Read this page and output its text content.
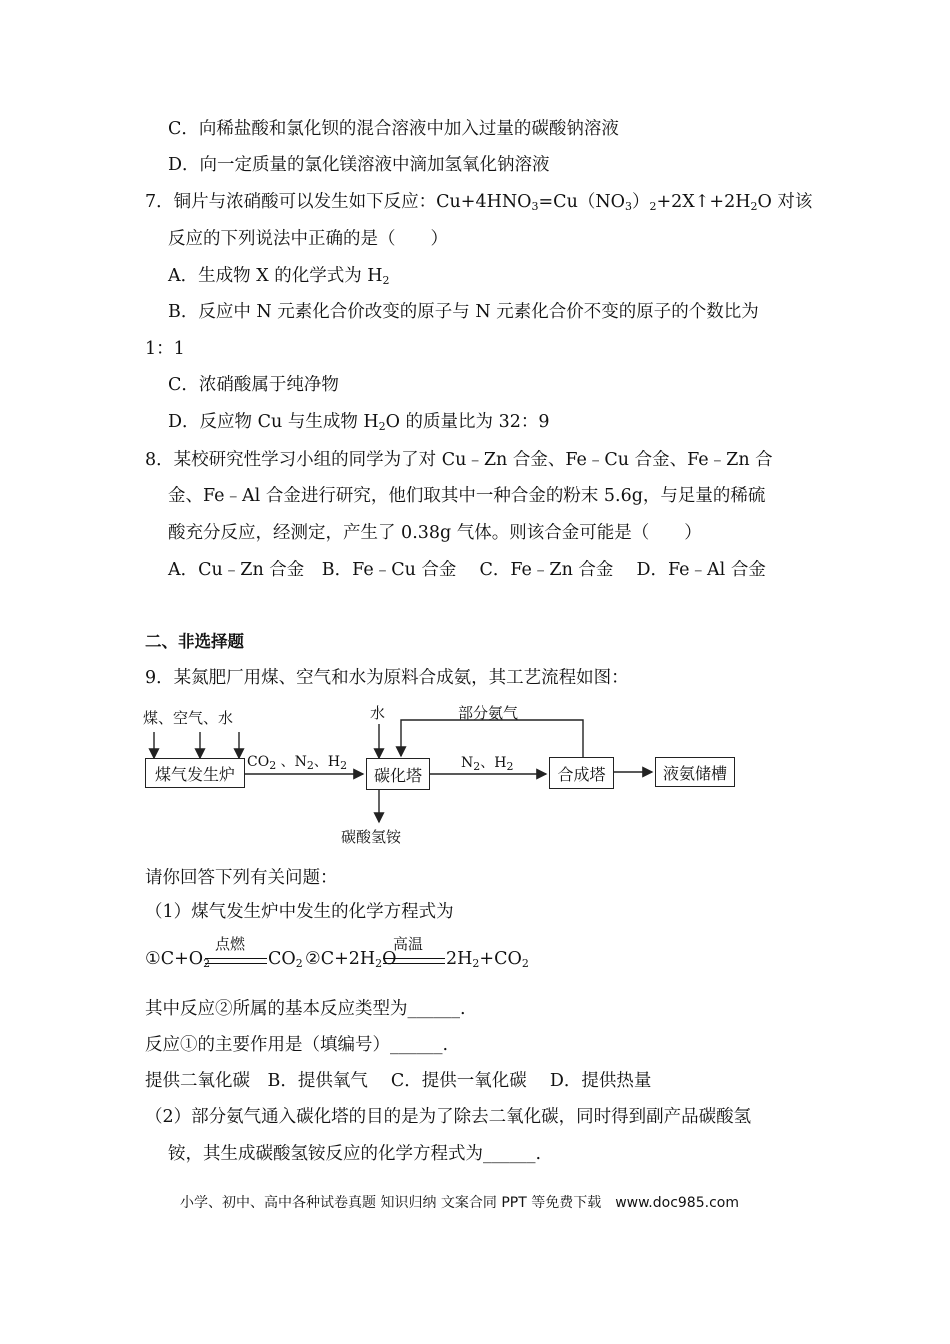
C．向稀盐酸和氯化钡的混合溶液中加入过量的碳酸钠溶液
D．向一定质量的氯化镁溶液中滴加氢氧化钠溶液
7．铜片与浓硝酸可以发生如下反应：$Cu+4HNO_3=Cu(NO_3)_2+2X↑+2H_2O$ 对该
反应的下列说法中正确的是（　　）
A．生成物 X 的化学式为 $H_2$
B．反应中 N 元素化合价改变的原子与 N 元素化合价不变的原子的个数比为
1：1
C．浓硝酸属于纯净物
D．反应物 Cu 与生成物 $H_2O$ 的质量比为 32：9
8．某校研究性学习小组的同学为了对 Cu﹣Zn 合金、Fe﹣Cu 合金、Fe﹣Zn 合
金、Fe﹣Al 合金进行研究，他们取其中一种合金的粉末 5.6g，与足量的稀硫
酸充分反应，经测定，产生了 0.38g 气体。则该合金可能是（　　）
A．Cu﹣Zn 合金　B．Fe﹣Cu 合金　 C．Fe﹣Zn 合金　 D．Fe﹣Al 合金
二、非选择题
9．某氮肥厂用煤、空气和水为原料合成氨，其工艺流程如图：
煤、空气、水	水	部分氨气
煤气发生炉	碳化塔	合成塔	液氨储槽
$CO_2$ 、$N_2$、$H_2$	$N_2$、$H_2$
碳酸氢铵
请你回答下列有关问题：
（1）煤气发生炉中发生的化学方程式为
$①C+O_2$
点燃
$CO_2$ $②C+2H_2O$
高温
$2H_2+CO_2$
其中反应②所属的基本反应类型为______.
反应①的主要作用是（填编号）______.
提供二氧化碳　B．提供氧气　 C．提供一氧化碳　 D．提供热量
（2）部分氨气通入碳化塔的目的是为了除去二氧化碳，同时得到副产品碳酸氢
铵，其生成碳酸氢铵反应的化学方程式为______.
小学、初中、高中各种试卷真题 知识归纳 文案合同 PPT 等免费下载　www.doc985.com
